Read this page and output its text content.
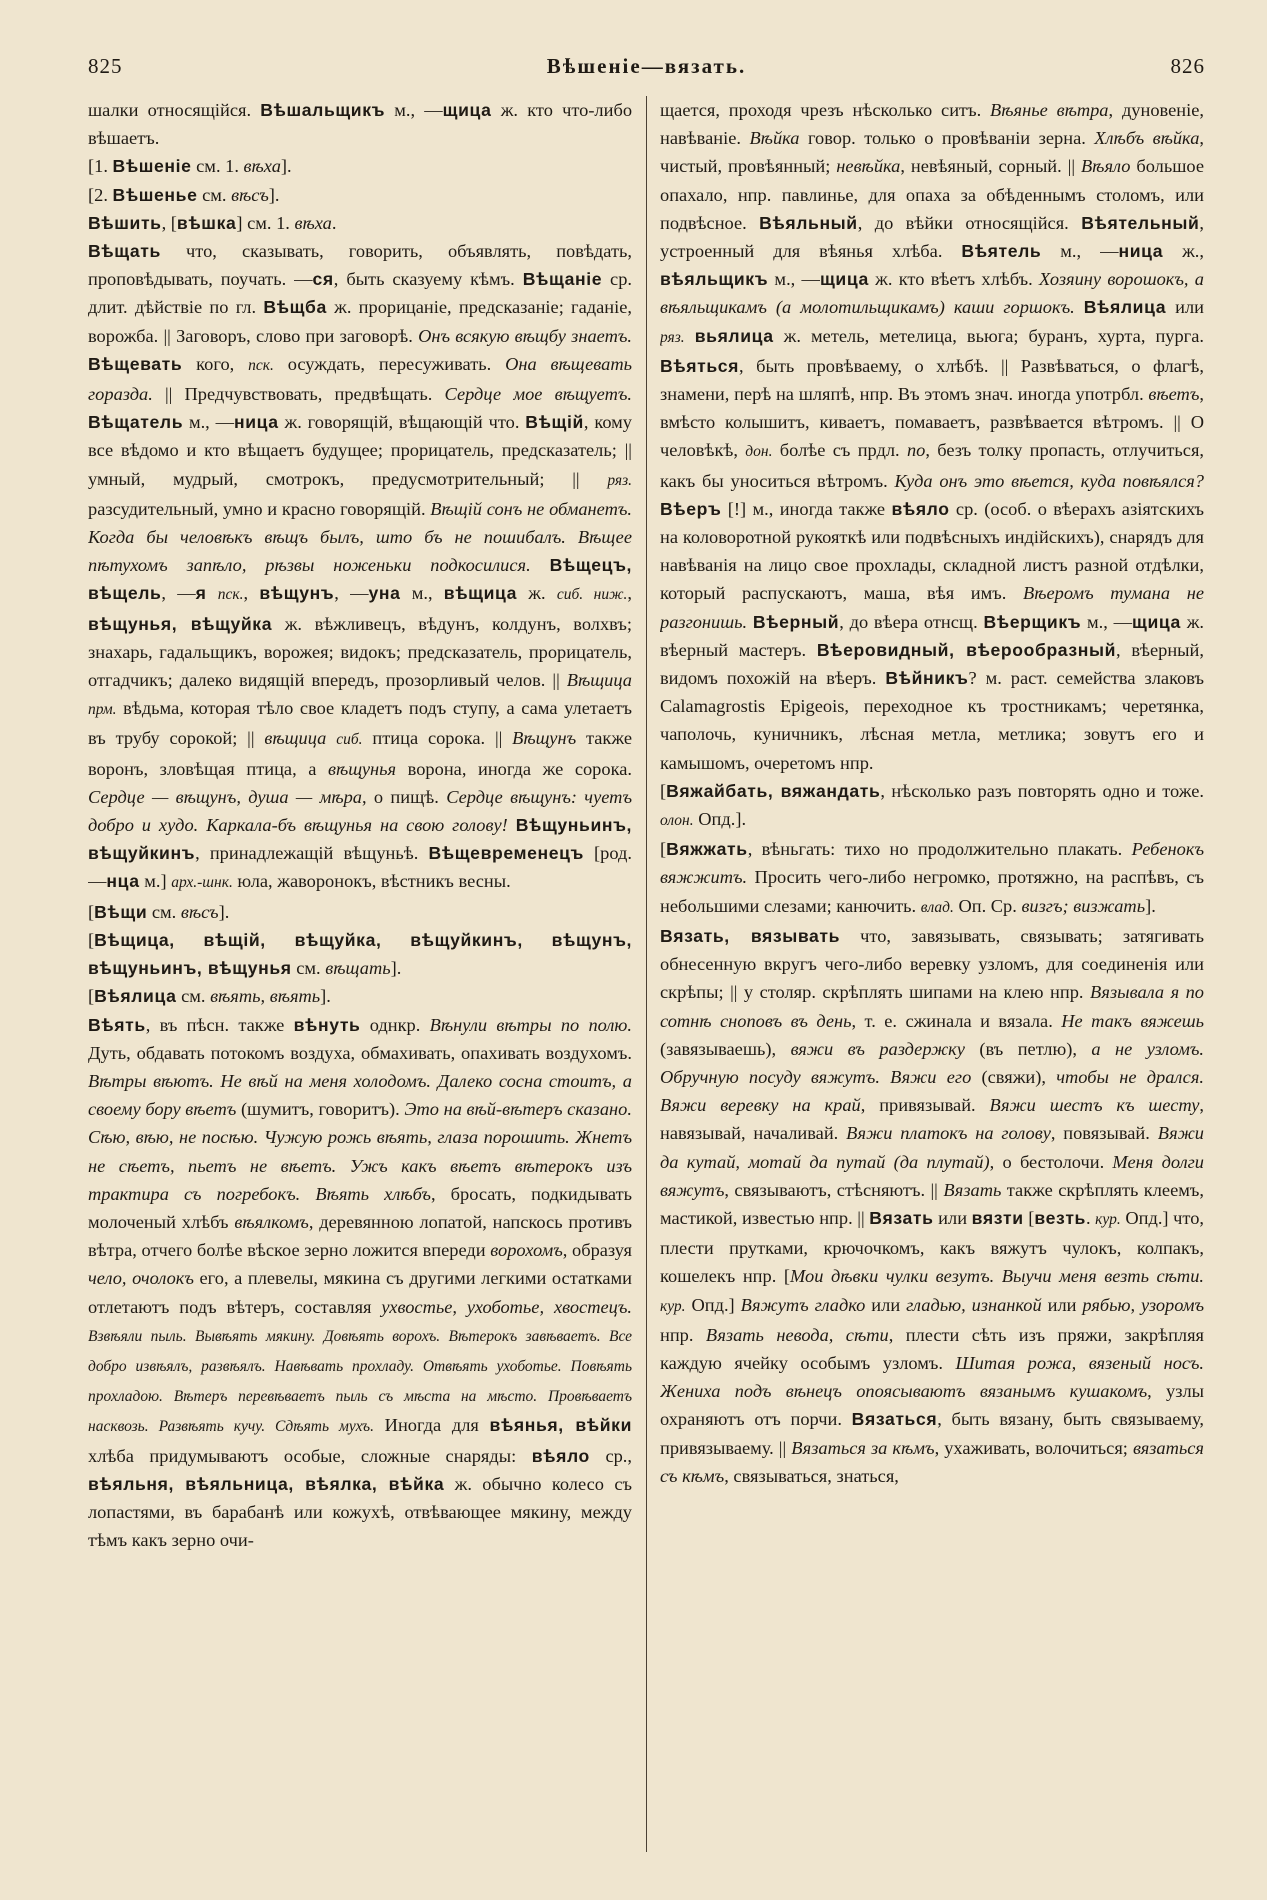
825	Вѣшеніе—вязать.	826

шалки относящійся. Вѣшальщикъ м., —щица ж. кто что-либо вѣшаетъ.

[1. Вѣшеніе см. 1. вѣха].

[2. Вѣшенье см. вѣсъ].

Вѣшить, [вѣшка] см. 1. вѣха.

Вѣщать что, сказывать, говорить, объявлять, повѣдать, проповѣдывать, поучать. —ся, быть сказуему кѣмъ. Вѣщаніе ср. длит. дѣйствіе по гл. Вѣщба ж. прорицаніе, предсказаніе; гаданіе, ворожба. || Заговоръ, слово при заговорѣ. Онъ всякую вѣщбу знаетъ. Вѣщевать кого, пск. осуждать, пересуживать. Она вѣщевать горазда. || Предчувствовать, предвѣщать. Сердце мое вѣщуетъ. Вѣщатель м., —ница ж. говорящій, вѣщающій что. Вѣщій, кому все вѣдомо и кто вѣщаетъ будущее; прорицатель, предсказатель; || умный, мудрый, смотрокъ, предусмотрительный; || ряз. разсудительный, умно и красно говорящій. Вѣщій сонъ не обманетъ. Когда бы человѣкъ вѣщъ былъ, што бъ не пошибалъ. Вѣщее пѣтухомъ запѣло, рѣзвы ноженьки подкосилися. Вѣщецъ, вѣщель, —я пск., вѣщунъ, —уна м., вѣщица ж. сиб. ниж., вѣщунья, вѣщуйка ж. вѣжливецъ, вѣдунъ, колдунъ, волхвъ; знахарь, гадальщикъ, ворожея; видокъ; предсказатель, прорицатель, отгадчикъ; далеко видящій впередъ, прозорливый челов. || Вѣщица прм. вѣдьма, которая тѣло свое кладетъ подъ ступу, а сама улетаетъ въ трубу сорокой; || вѣщица сиб. птица сорока. || Вѣщунъ также воронъ, зловѣщая птица, а вѣщунья ворона, иногда же сорока. Сердце — вѣщунъ, душа — мѣра, о пищѣ. Сердце вѣщунъ: чуетъ добро и худо. Каркала-бъ вѣщунья на свою голову! Вѣщуньинъ, вѣщуйкинъ, принадлежащій вѣщуньѣ. Вѣщевременецъ [род. —нца м.] арх.-шнк. юла, жаворонокъ, вѣстникъ весны.

[Вѣщи см. вѣсъ].

[Вѣщица, вѣщій, вѣщуйка, вѣщуйкинъ, вѣщунъ, вѣщуньинъ, вѣщунья см. вѣщать].

[Вѣялица см. вѣять, вѣять].

Вѣять, въ пѣсн. также вѣнуть однкр. Вѣнули вѣтры по полю. Дуть, обдавать потокомъ воздуха, обмахивать, опахивать воздухомъ. Вѣтры вѣютъ. Не вѣй на меня холодомъ. Далеко сосна стоитъ, а своему бору вѣетъ (шумитъ, говоритъ). Это на вѣй-вѣтеръ сказано. Сѣю, вѣю, не посѣю. Чужую рожь вѣять, глаза порошить. Жнетъ не сѣетъ, пьетъ не вѣетъ. Ужъ какъ вѣетъ вѣтерокъ изъ трактира съ погребокъ. Вѣять хлѣбъ, бросать, подкидывать молоченый хлѣбъ вѣялкомъ, деревянною лопатой, напскось противъ вѣтра, отчего болѣе вѣское зерно ложится впереди ворохомъ, образуя чело, очолокъ его, а плевелы, мякина съ другими легкими остатками отлетаютъ подъ вѣтеръ, составляя ухвостье, ухоботье, хвостецъ. Взвѣяли пыль. Вывѣять мякину. Довѣять ворохъ. Вѣтерокъ завѣваетъ. Все добро извѣялъ, развѣялъ. Навѣвать прохладу. Отвѣять ухоботье. Повѣять прохладою. Вѣтеръ перевѣваетъ пыль съ мѣста на мѣсто. Провѣваетъ насквозь. Развѣять кучу. Сдѣять мухъ. Иногда для вѣянья, вѣйки хлѣба придумываютъ особые, сложные снаряды: вѣяло ср., вѣяльня, вѣяльница, вѣялка, вѣйка ж. обычно колесо съ лопастями, въ барабанѣ или кожухѣ, отвѣвающее мякину, между тѣмъ какъ зерно очи-

щается, проходя чрезъ нѣсколько ситъ. Вѣянье вѣтра, дуновеніе, навѣваніе. Вѣйка говор. только о провѣваніи зерна. Хлѣбъ вѣйка, чистый, провѣянный; невѣйка, невѣяный, сорный. || Вѣяло большое опахало, нпр. павлинье, для опаха за обѣденнымъ столомъ, или подвѣсное. Вѣяльный, до вѣйки относящійся. Вѣятельный, устроенный для вѣянья хлѣба. Вѣятель м., —ница ж., вѣяльщикъ м., —щица ж. кто вѣетъ хлѣбъ. Хозяину ворошокъ, а вѣяльщикамъ (а молотильщикамъ) каши горшокъ. Вѣялица или ряз. вьялица ж. метель, метелица, вьюга; буранъ, хурта, пурга. Вѣяться, быть провѣваему, о хлѣбѣ. || Развѣваться, о флагѣ, знамени, перѣ на шляпѣ, нпр. Въ этомъ знач. иногда употрбл. вѣетъ, вмѣсто колышитъ, киваетъ, помаваетъ, развѣвается вѣтромъ. || О человѣкѣ, дон. болѣе съ прдл. по, безъ толку пропасть, отлучиться, какъ бы уноситься вѣтромъ. Куда онъ это вѣется, куда повѣялся? Вѣеръ [!] м., иногда также вѣяло ср. (особ. о вѣерахъ азіятскихъ на коловоротной рукояткѣ или подвѣсныхъ индійскихъ), снарядъ для навѣванія на лицо свое прохлады, складной листъ разной отдѣлки, который распускаютъ, маша, вѣя имъ. Вѣеромъ тумана не разгонишь. Вѣерный, до вѣера отнсщ. Вѣерщикъ м., —щица ж. вѣерный мастеръ. Вѣеровидный, вѣерообразный, вѣерный, видомъ похожій на вѣеръ. Вѣйникъ? м. раст. семейства злаковъ Calamagrostis Epigeois, переходное къ тростникамъ; черетянка, чаполочь, куничникъ, лѣсная метла, метлика; зовутъ его и камышомъ, очеретомъ нпр.

[Вяжайбать, вяжандать, нѣсколько разъ повторять одно и тоже. олон. Опд.].

[Вяжжать, вѣньгать: тихо но продолжительно плакать. Ребенокъ вяжжитъ. Просить чего-либо негромко, протяжно, на распѣвъ, съ небольшими слезами; канючить. влад. Оп. Ср. визгъ; визжать].

Вязать, вязывать что, завязывать, связывать; затягивать обнесенную вкругъ чего-либо веревку узломъ, для соединенія или скрѣпы; || у столяр. скрѣплять шипами на клею нпр. Вязывала я по сотнѣ сноповъ въ день, т. е. сжинала и вязала. Не такъ вяжешь (завязываешь), вяжи въ раздержку (въ петлю), а не узломъ. Обручную посуду вяжутъ. Вяжи его (свяжи), чтобы не дрался. Вяжи веревку на край, привязывай. Вяжи шестъ къ шесту, навязывай, началивай. Вяжи платокъ на голову, повязывай. Вяжи да кутай, мотай да путай (да плутай), о бестолочи. Меня долги вяжутъ, связываютъ, стѣсняютъ. || Вязать также скрѣплять клеемъ, мастикой, известью нпр. || Вязать или вязти [везть. кур. Опд.] что, плести прутками, крючочкомъ, какъ вяжутъ чулокъ, колпакъ, кошелекъ нпр. [Мои дѣвки чулки везутъ. Выучи меня везть сѣти. кур. Опд.] Вяжутъ гладко или гладью, изнанкой или рябью, узоромъ нпр. Вязать невода, сѣти, плести сѣть изъ пряжи, закрѣпляя каждую ячейку особымъ узломъ. Шитая рожа, вязеный носъ. Жениха подъ вѣнецъ опоясываютъ вязанымъ кушакомъ, узлы охраняютъ отъ порчи. Вязаться, быть вязану, быть связываему, привязываему. || Вязаться за кѣмъ, ухаживать, волочиться; вязаться съ кѣмъ, связываться, знаться,
